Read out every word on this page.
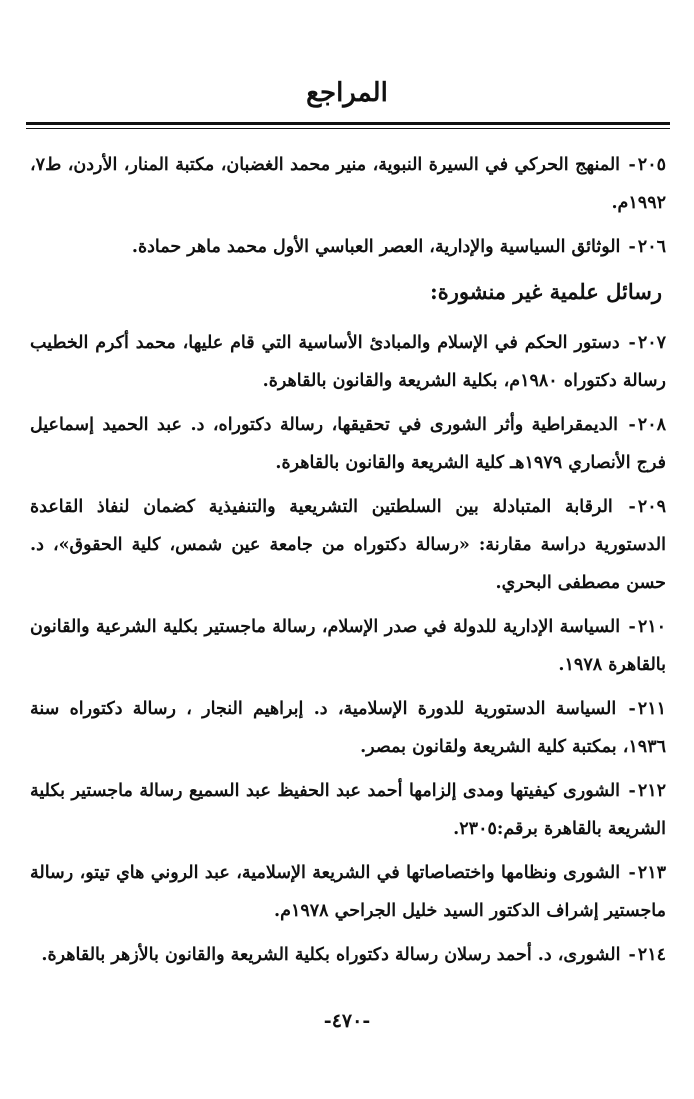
المراجع
٢٠٥- المنهج الحركي في السيرة النبوية، منير محمد الغضبان، مكتبة المنار، الأردن، ط٧، ١٩٩٢م.
٢٠٦- الوثائق السياسية والإدارية، العصر العباسي الأول محمد ماهر حمادة.
رسائل علمية غير منشورة:
٢٠٧- دستور الحكم في الإسلام والمبادئ الأساسية التي قام عليها، محمد أكرم الخطيب رسالة دكتوراه ١٩٨٠م، بكلية الشريعة والقانون بالقاهرة.
٢٠٨- الديمقراطية وأثر الشورى في تحقيقها، رسالة دكتوراه، د. عبد الحميد إسماعيل فرج الأنصاري ١٩٧٩هـ كلية الشريعة والقانون بالقاهرة.
٢٠٩- الرقابة المتبادلة بين السلطتين التشريعية والتنفيذية كضمان لنفاذ القاعدة الدستورية دراسة مقارنة: «رسالة دكتوراه من جامعة عين شمس، كلية الحقوق»، د. حسن مصطفى البحري.
٢١٠- السياسة الإدارية للدولة في صدر الإسلام، رسالة ماجستير بكلية الشرعية والقانون بالقاهرة ١٩٧٨.
٢١١- السياسة الدستورية للدورة الإسلامية، د. إبراهيم النجار ، رسالة دكتوراه سنة ١٩٣٦، بمكتبة كلية الشريعة ولقانون بمصر.
٢١٢- الشورى كيفيتها ومدى إلزامها أحمد عبد الحفيظ عبد السميع رسالة ماجستير بكلية الشريعة بالقاهرة برقم:٢٣٠٥.
٢١٣- الشورى ونظامها واختصاصاتها في الشريعة الإسلامية، عبد الروني هاي تيتو، رسالة ماجستير إشراف الدكتور السيد خليل الجراحي ١٩٧٨م.
٢١٤- الشورى، د. أحمد رسلان رسالة دكتوراه بكلية الشريعة والقانون بالأزهر بالقاهرة.
-٤٧٠-
